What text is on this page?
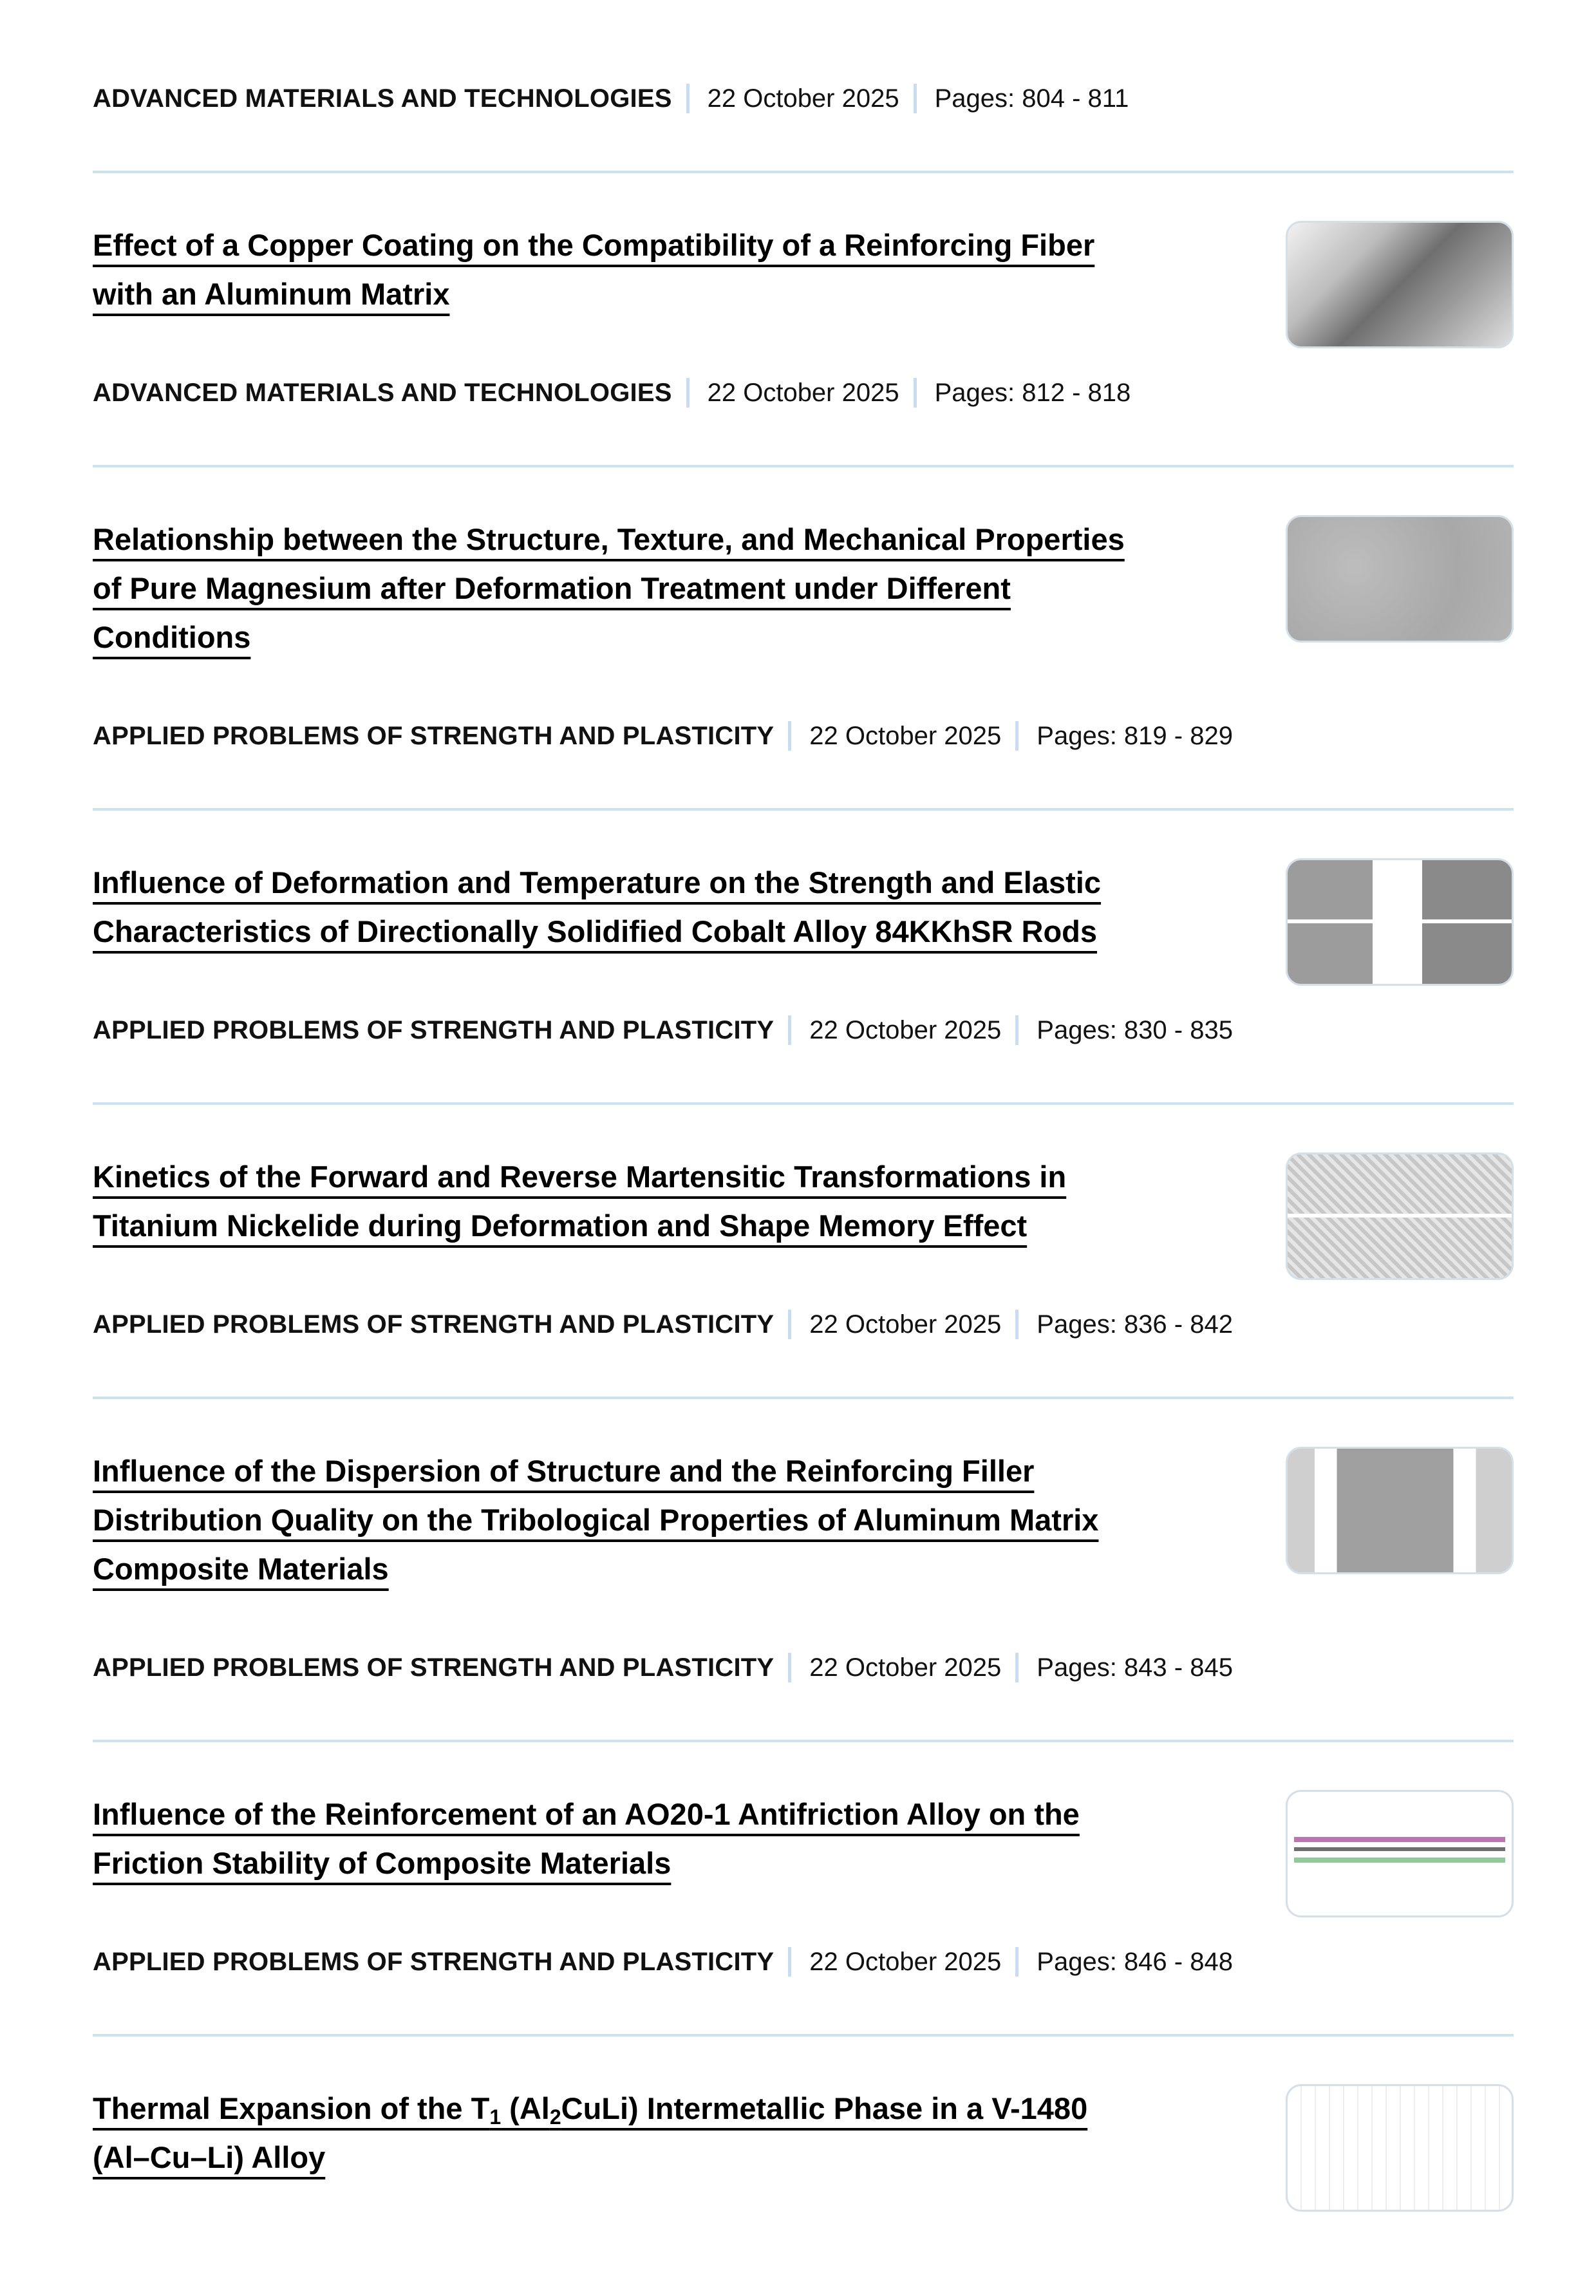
ADVANCED MATERIALS AND TECHNOLOGIES 22 October 2025 Pages: 804 - 811
Effect of a Copper Coating on the Compatibility of a Reinforcing Fiber
with an Aluminum Matrix
ADVANCED MATERIALS AND TECHNOLOGIES 22 October 2025 Pages: 812 - 818
Relationship between the Structure, Texture, and Mechanical Properties
of Pure Magnesium after Deformation Treatment under Different
Conditions
APPLIED PROBLEMS OF STRENGTH AND PLASTICITY 22 October 2025 Pages: 819 - 829
Influence of Deformation and Temperature on the Strength and Elastic
Characteristics of Directionally Solidified Cobalt Alloy 84KKhSR Rods
APPLIED PROBLEMS OF STRENGTH AND PLASTICITY 22 October 2025 Pages: 830 - 835
Kinetics of the Forward and Reverse Martensitic Transformations in
Titanium Nickelide during Deformation and Shape Memory Effect
APPLIED PROBLEMS OF STRENGTH AND PLASTICITY 22 October 2025 Pages: 836 - 842
Influence of the Dispersion of Structure and the Reinforcing Filler
Distribution Quality on the Tribological Properties of Aluminum Matrix
Composite Materials
APPLIED PROBLEMS OF STRENGTH AND PLASTICITY 22 October 2025 Pages: 843 - 845
Influence of the Reinforcement of an AO20-1 Antifriction Alloy on the
Friction Stability of Composite Materials
APPLIED PROBLEMS OF STRENGTH AND PLASTICITY 22 October 2025 Pages: 846 - 848
Thermal Expansion of the $T_1$ $(Al_2CuLi)$ Intermetallic Phase in a V-1480
(Al–Cu–Li) Alloy
